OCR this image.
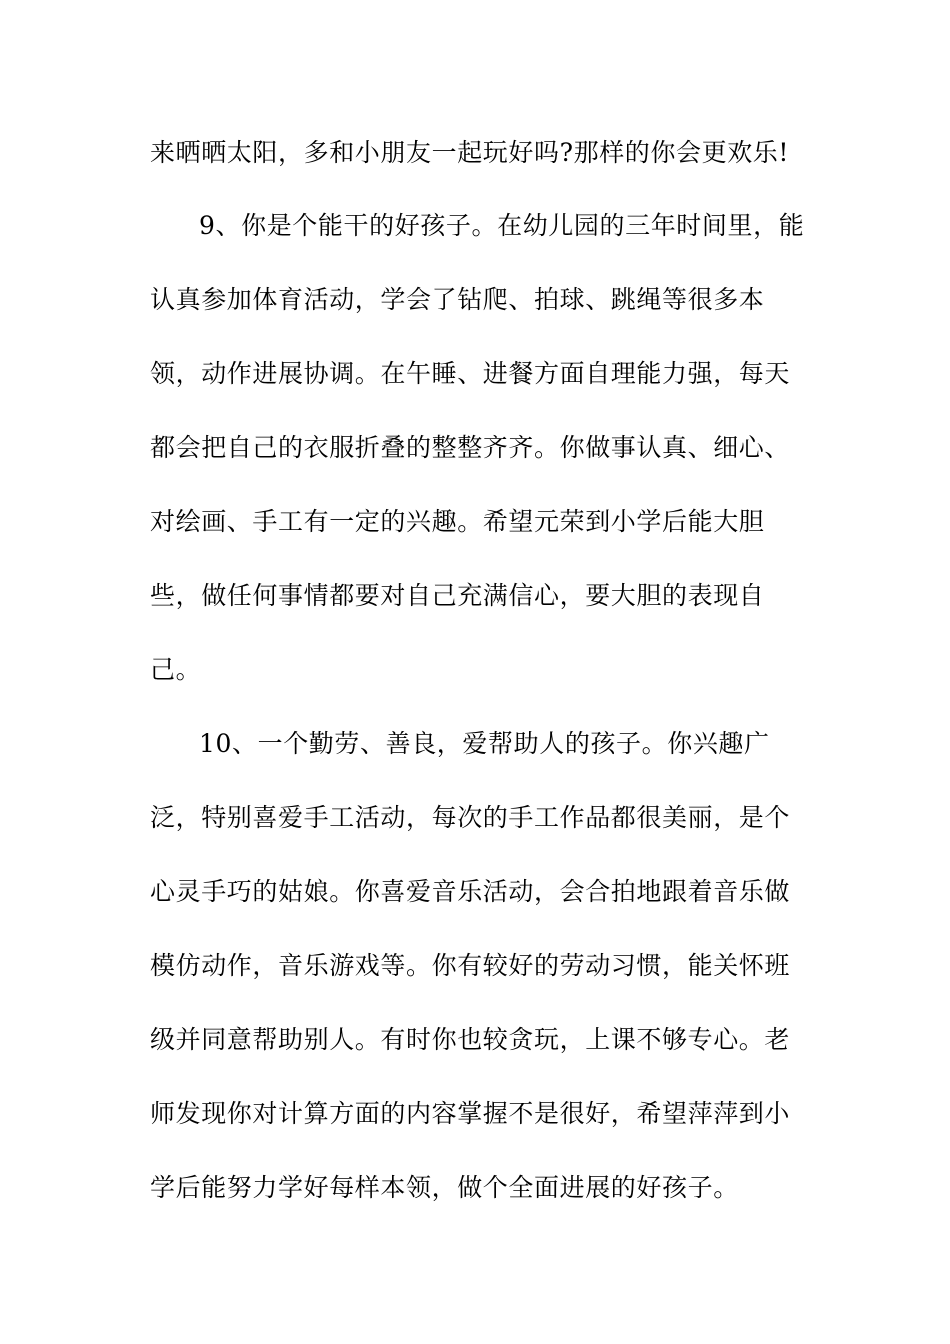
来晒晒太阳，多和小朋友一起玩好吗?那样的你会更欢乐!
9、你是个能干的好孩子。在幼儿园的三年时间里，能
认真参加体育活动，学会了钻爬、拍球、跳绳等很多本
领，动作进展协调。在午睡、进餐方面自理能力强，每天
都会把自己的衣服折叠的整整齐齐。你做事认真、细心、
对绘画、手工有一定的兴趣。希望元荣到小学后能大胆
些，做任何事情都要对自己充满信心，要大胆的表现自
己。
10、一个勤劳、善良，爱帮助人的孩子。你兴趣广
泛，特别喜爱手工活动，每次的手工作品都很美丽，是个
心灵手巧的姑娘。你喜爱音乐活动，会合拍地跟着音乐做
模仿动作，音乐游戏等。你有较好的劳动习惯，能关怀班
级并同意帮助别人。有时你也较贪玩，上课不够专心。老
师发现你对计算方面的内容掌握不是很好，希望萍萍到小
学后能努力学好每样本领，做个全面进展的好孩子。
